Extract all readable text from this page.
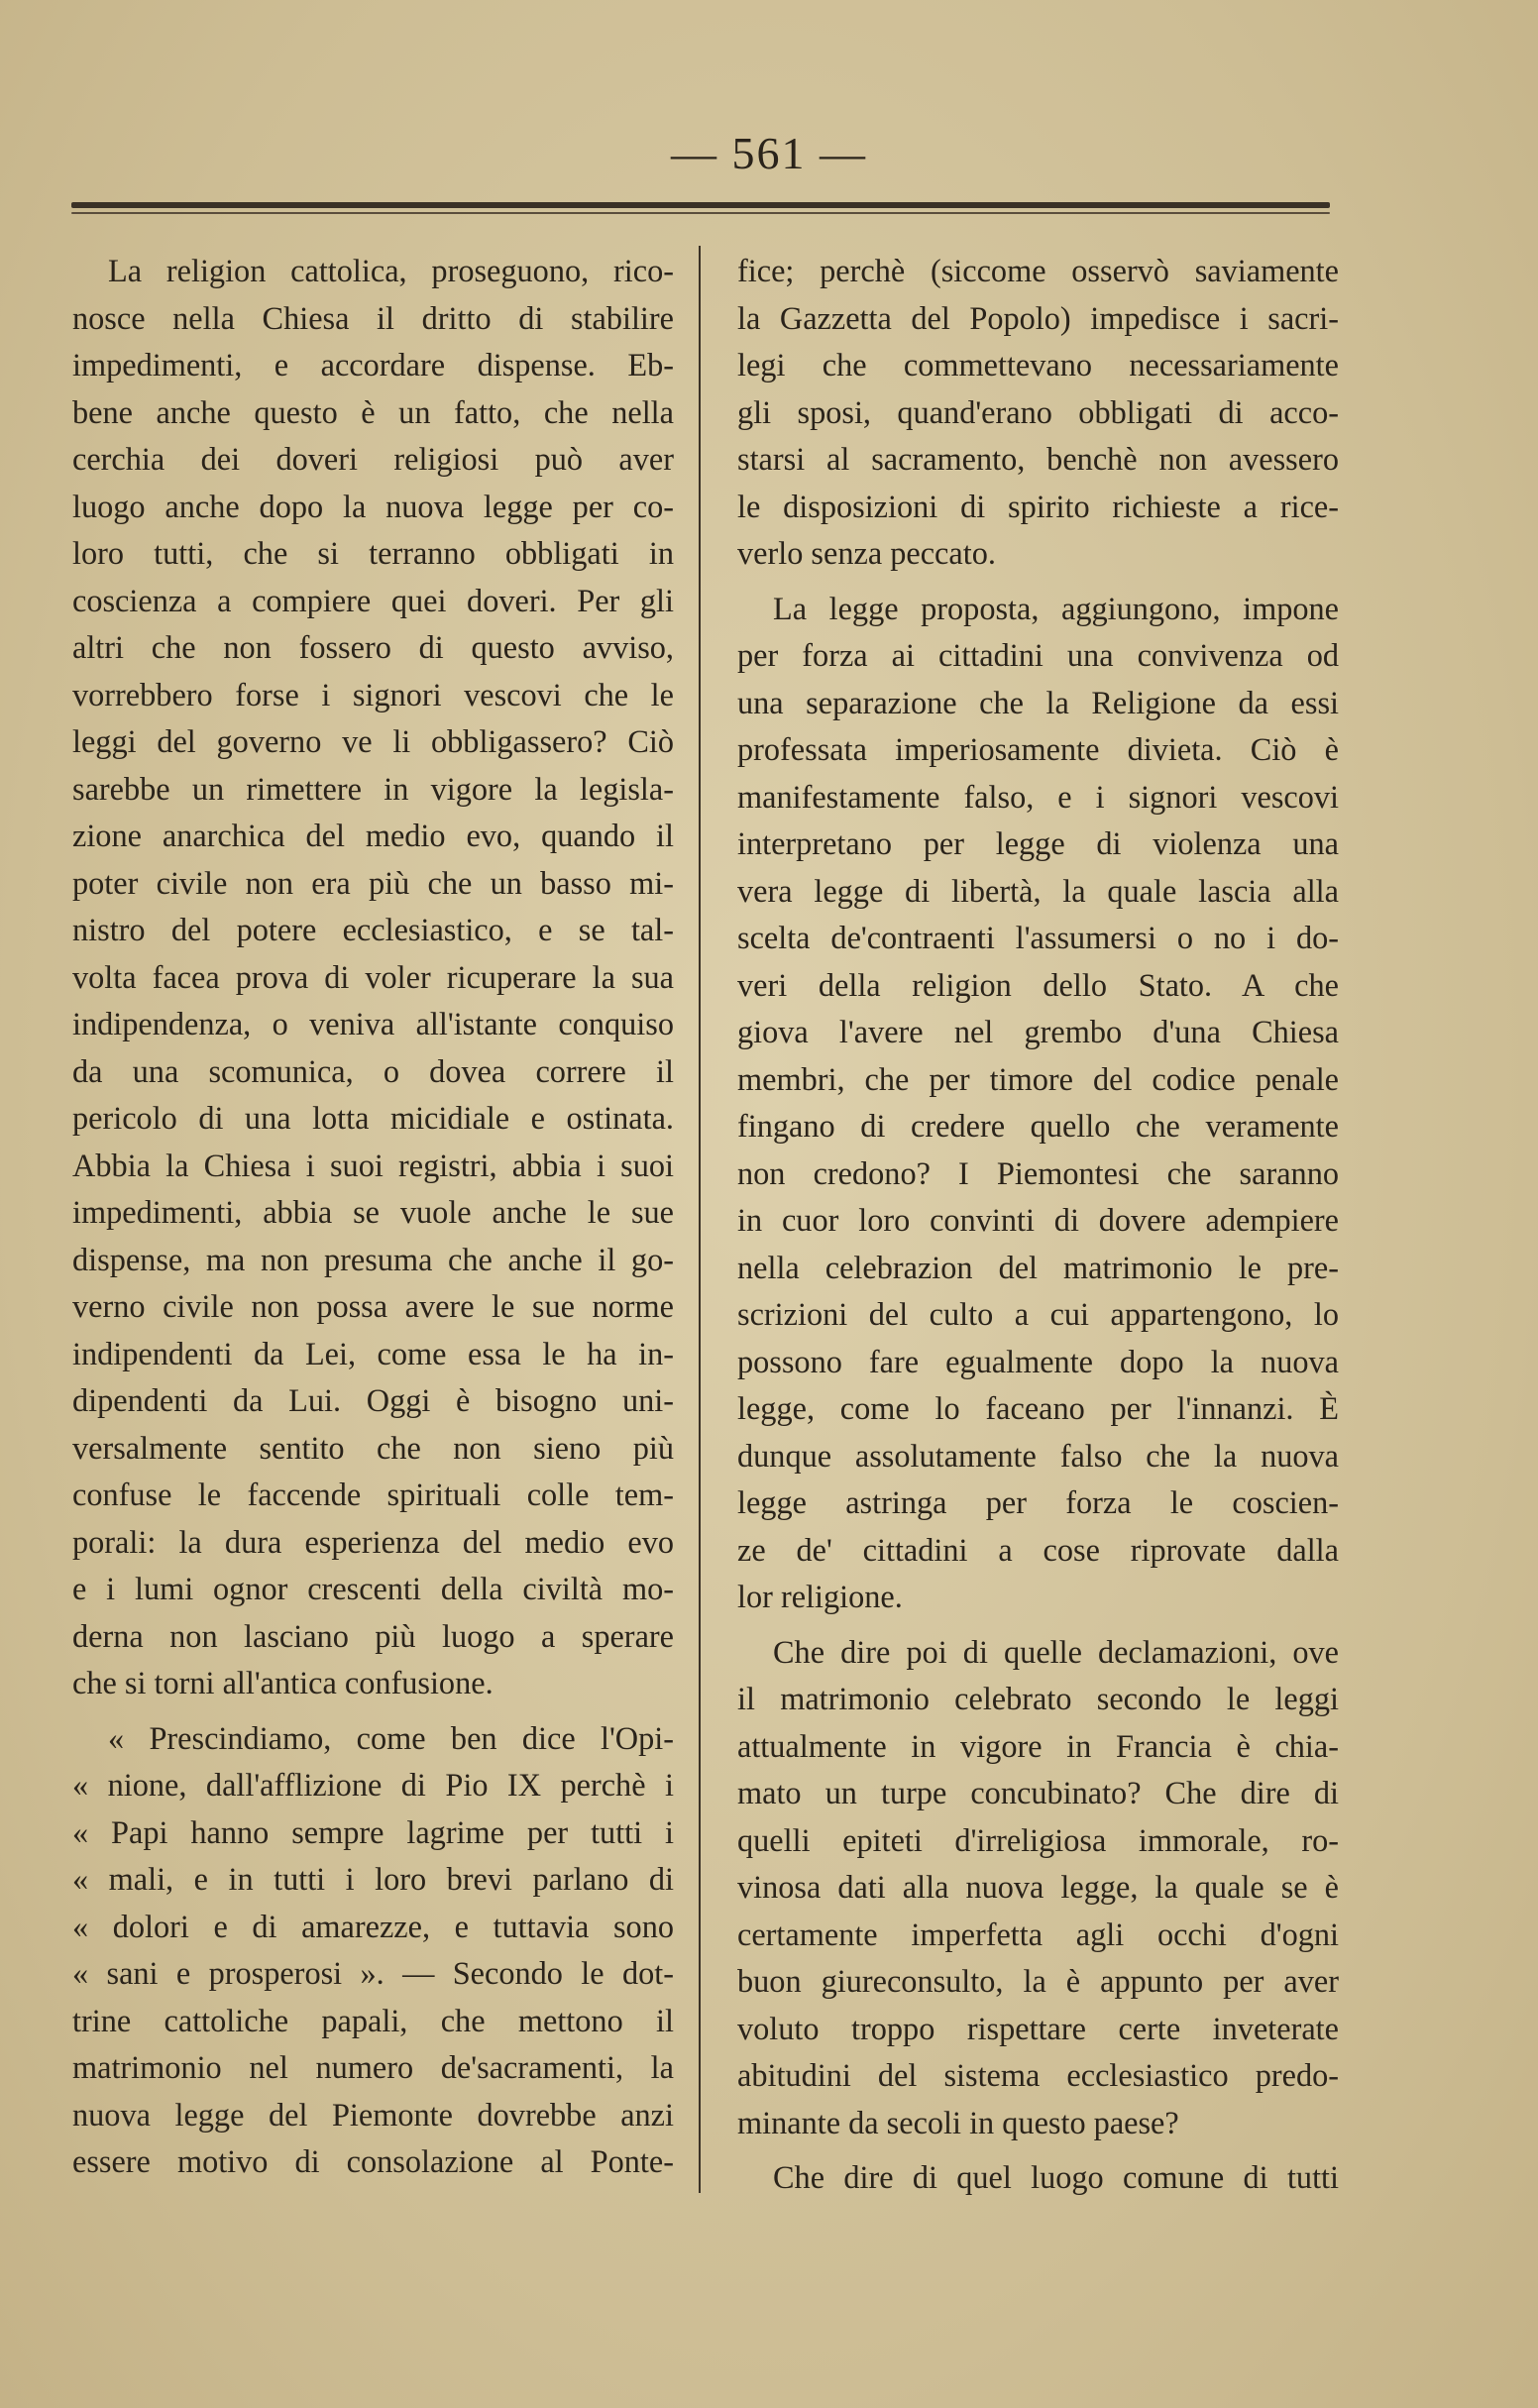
— 561 —
La religion cattolica, proseguono, rico-
nosce nella Chiesa il dritto di stabilire
impedimenti, e accordare dispense. Eb-
bene anche questo è un fatto, che nella
cerchia dei doveri religiosi può aver
luogo anche dopo la nuova legge per co-
loro tutti, che si terranno obbligati in
coscienza a compiere quei doveri. Per gli
altri che non fossero di questo avviso,
vorrebbero forse i signori vescovi che le
leggi del governo ve li obbligassero? Ciò
sarebbe un rimettere in vigore la legisla-
zione anarchica del medio evo, quando il
poter civile non era più che un basso mi-
nistro del potere ecclesiastico, e se tal-
volta facea prova di voler ricuperare la sua
indipendenza, o veniva all'istante conquiso
da una scomunica, o dovea correre il
pericolo di una lotta micidiale e ostinata.
Abbia la Chiesa i suoi registri, abbia i suoi
impedimenti, abbia se vuole anche le sue
dispense, ma non presuma che anche il go-
verno civile non possa avere le sue norme
indipendenti da Lei, come essa le ha in-
dipendenti da Lui. Oggi è bisogno uni-
versalmente sentito che non sieno più
confuse le faccende spirituali colle tem-
porali: la dura esperienza del medio evo
e i lumi ognor crescenti della civiltà mo-
derna non lasciano più luogo a sperare
che si torni all'antica confusione.
« Prescindiamo, come ben dice l'Opi-
« nione, dall'afflizione di Pio IX perchè i
« Papi hanno sempre lagrime per tutti i
« mali, e in tutti i loro brevi parlano di
« dolori e di amarezze, e tuttavia sono
« sani e prosperosi ». — Secondo le dot-
trine cattoliche papali, che mettono il
matrimonio nel numero de'sacramenti, la
nuova legge del Piemonte dovrebbe anzi
essere motivo di consolazione al Ponte-
fice; perchè (siccome osservò saviamente
la Gazzetta del Popolo) impedisce i sacri-
legi che commettevano necessariamente
gli sposi, quand'erano obbligati di acco-
starsi al sacramento, benchè non avessero
le disposizioni di spirito richieste a rice-
verlo senza peccato.
La legge proposta, aggiungono, impone
per forza ai cittadini una convivenza od
una separazione che la Religione da essi
professata imperiosamente divieta. Ciò è
manifestamente falso, e i signori vescovi
interpretano per legge di violenza una
vera legge di libertà, la quale lascia alla
scelta de'contraenti l'assumersi o no i do-
veri della religion dello Stato. A che
giova l'avere nel grembo d'una Chiesa
membri, che per timore del codice penale
fingano di credere quello che veramente
non credono? I Piemontesi che saranno
in cuor loro convinti di dovere adempiere
nella celebrazion del matrimonio le pre-
scrizioni del culto a cui appartengono, lo
possono fare egualmente dopo la nuova
legge, come lo faceano per l'innanzi. È
dunque assolutamente falso che la nuova
legge astringa per forza le coscien-
ze de' cittadini a cose riprovate dalla
lor religione.
Che dire poi di quelle declamazioni, ove
il matrimonio celebrato secondo le leggi
attualmente in vigore in Francia è chia-
mato un turpe concubinato? Che dire di
quelli epiteti d'irreligiosa immorale, ro-
vinosa dati alla nuova legge, la quale se è
certamente imperfetta agli occhi d'ogni
buon giureconsulto, la è appunto per aver
voluto troppo rispettare certe inveterate
abitudini del sistema ecclesiastico predo-
minante da secoli in questo paese?
Che dire di quel luogo comune di tutti
